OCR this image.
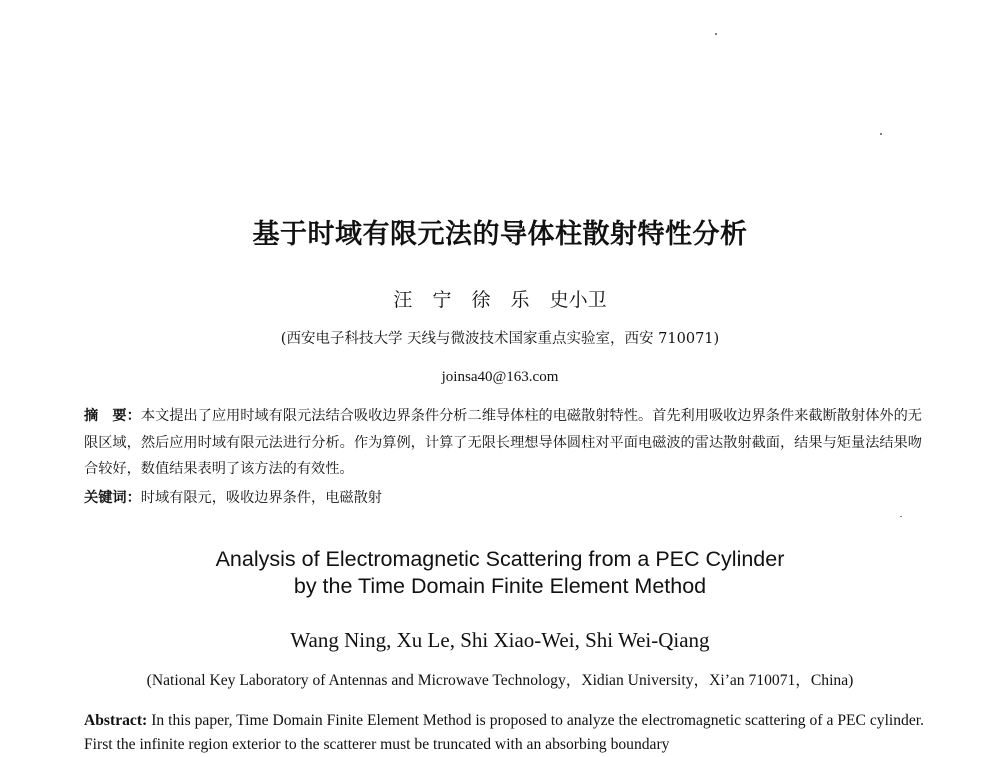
基于时域有限元法的导体柱散射特性分析
汪 宁 徐 乐 史小卫
(西安电子科技大学 天线与微波技术国家重点实验室，西安 710071)
joinsa40@163.com
摘　要：本文提出了应用时域有限元法结合吸收边界条件分析二维导体柱的电磁散射特性。首先利用吸收边界条件来截断散射体外的无限区域，然后应用时域有限元法进行分析。作为算例，计算了无限长理想导体圆柱对平面电磁波的雷达散射截面，结果与矩量法结果吻合较好，数值结果表明了该方法的有效性。
关键词：时域有限元，吸收边界条件，电磁散射
Analysis of Electromagnetic Scattering from a PEC Cylinder
by the Time Domain Finite Element Method
Wang Ning, Xu Le, Shi Xiao-Wei, Shi Wei-Qiang
(National Key Laboratory of Antennas and Microwave Technology，Xidian University，Xi’an 710071，China)
Abstract: In this paper, Time Domain Finite Element Method is proposed to analyze the electromagnetic scattering of a PEC cylinder. First the infinite region exterior to the scatterer must be truncated with an absorbing boundary
